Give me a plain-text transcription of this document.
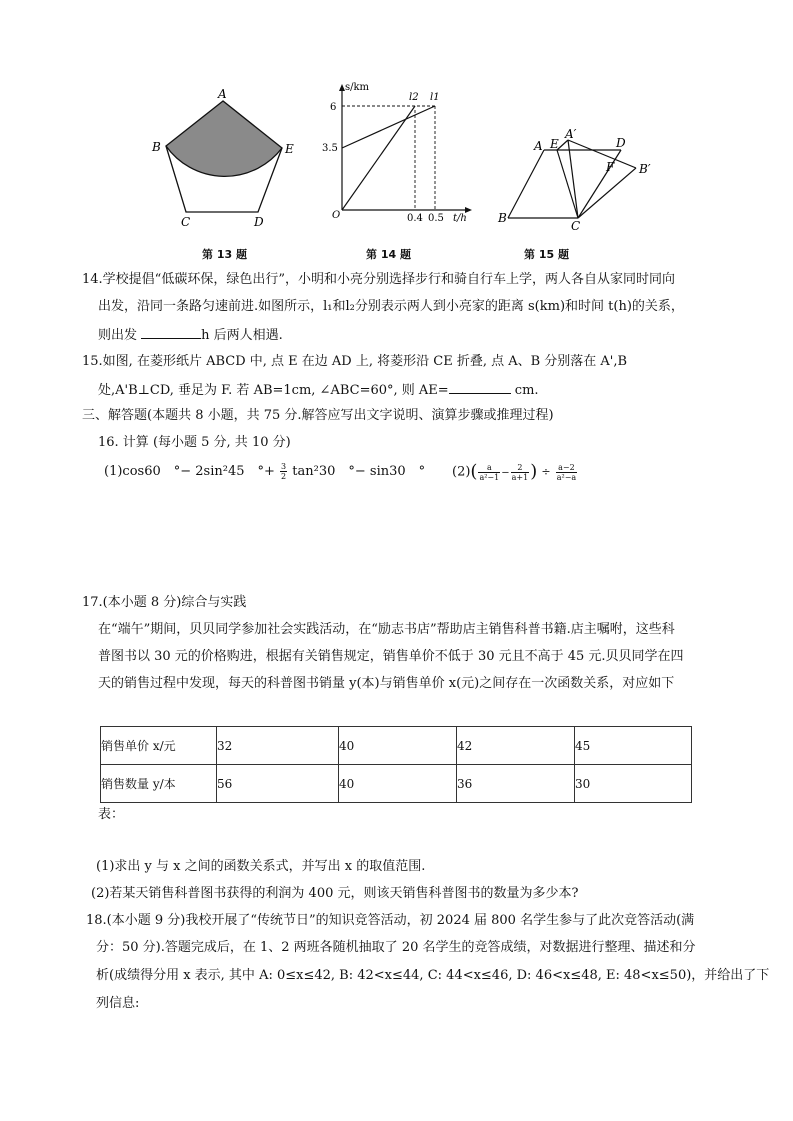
A
B	E
C	D
第 13 题
s/km
t/h
O
6
3.5
0.4 0.5
l2 l1
第 14 题
A E
A′
D
F B′
B
C
第 15 题
14.学校提倡“低碳环保，绿色出行”，小明和小亮分别选择步行和骑自行车上学，两人各自从家同时同向
出发，沿同一条路匀速前进.如图所示，l₁和l₂分别表示两人到小亮家的距离 s(km)和时间 t(h)的关系，
则出发	h 后两人相遇.
15.如图, 在菱形纸片 ABCD 中, 点 E 在边 AD 上, 将菱形沿 CE 折叠, 点 A、B 分别落在 A',B
处,A'B⊥CD, 垂足为 F. 若 AB=1cm, ∠ABC=60°, 则 AE=	cm.
三、解答题(本题共 8 小题，共 75 分.解答应写出文字说明、演算步骤或推理过程)
16. 计算 (每小题 5 分, 共 10 分)
(1)cos60　°− 2sin²45　°+ $\frac{3}{2} \tan^230$　°− sin30　° $(2)( \frac{a}{\text{a²−1}} - \frac{2}{a+1}$ ) ÷ $\frac{a-2}{\text{a²−a}}$
17.(本小题 8 分)综合与实践
在“端午”期间，贝贝同学参加社会实践活动，在“励志书店”帮助店主销售科普书籍.店主嘱咐，这些科
普图书以 30 元的价格购进，根据有关销售规定，销售单价不低于 30 元且不高于 45 元.贝贝同学在四
天的销售过程中发现，每天的科普图书销量 y(本)与销售单价 x(元)之间存在一次函数关系，对应如下
销售单价 x/元	32	40	42	45
销售数量 y/本	56	40	36	30
表：
(1)求出 y 与 x 之间的函数关系式，并写出 x 的取值范围.
(2)若某天销售科普图书获得的利润为 400 元，则该天销售科普图书的数量为多少本?
18.(本小题 9 分)我校开展了“传统节日”的知识竞答活动，初 2024 届 800 名学生参与了此次竞答活动(满
分：50 分).答题完成后，在 1、2 两班各随机抽取了 20 名学生的竞答成绩，对数据进行整理、描述和分
析(成绩得分用 x 表示, 其中 A: 0≤x≤42, B: 42<x≤44, C: 44<x≤46, D: 46<x≤48, E: 48<x≤50)，并给出了下
列信息:
